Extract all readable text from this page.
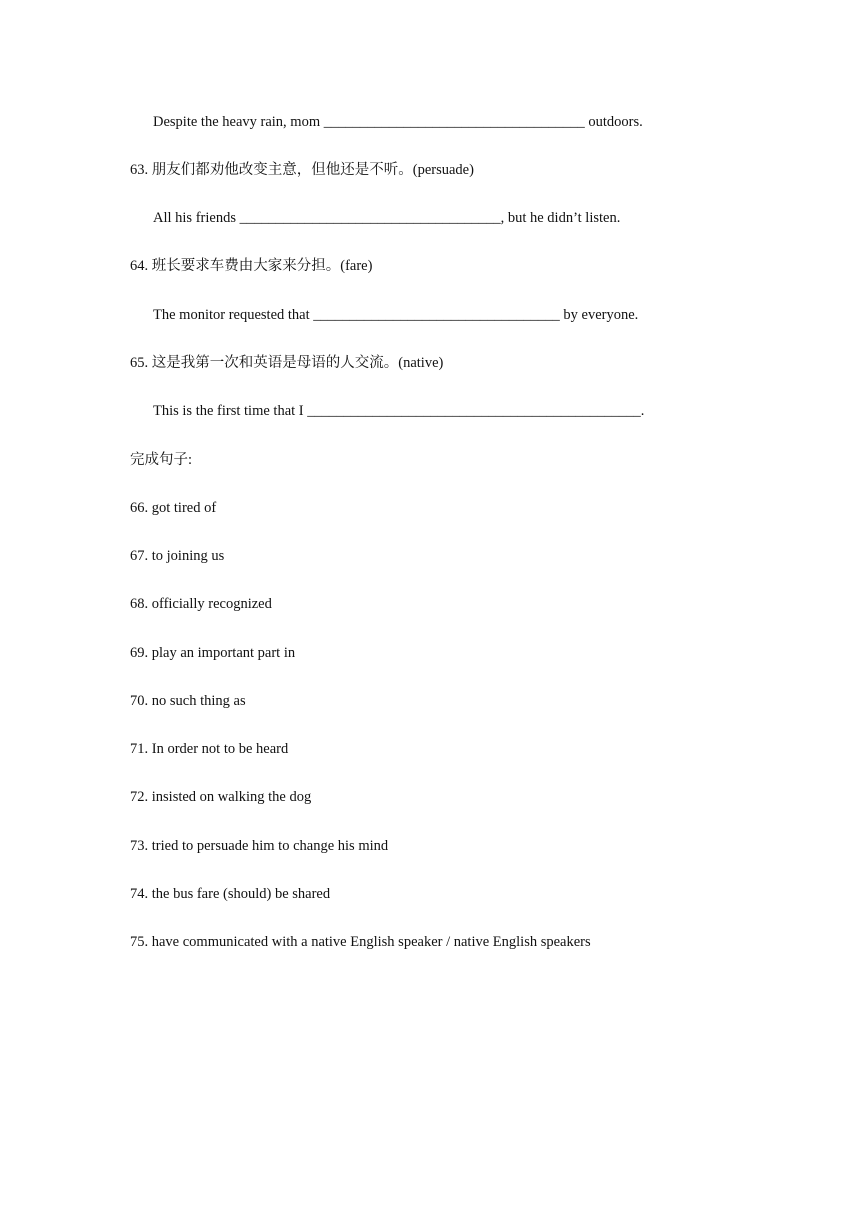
Despite the heavy rain, mom ____________________________________ outdoors.
63. 朋友们都劝他改变主意，但他还是不听。(persuade)
All his friends ____________________________________, but he didn’t listen.
64. 班长要求车费由大家来分担。(fare)
The monitor requested that __________________________________ by everyone.
65. 这是我第一次和英语是母语的人交流。(native)
This is the first time that I ______________________________________________.
完成句子:
66. got tired of
67. to joining us
68. officially recognized
69. play an important part in
70. no such thing as
71. In order not to be heard
72. insisted on walking the dog
73. tried to persuade him to change his mind
74. the bus fare (should) be shared
75. have communicated with a native English speaker / native English speakers
